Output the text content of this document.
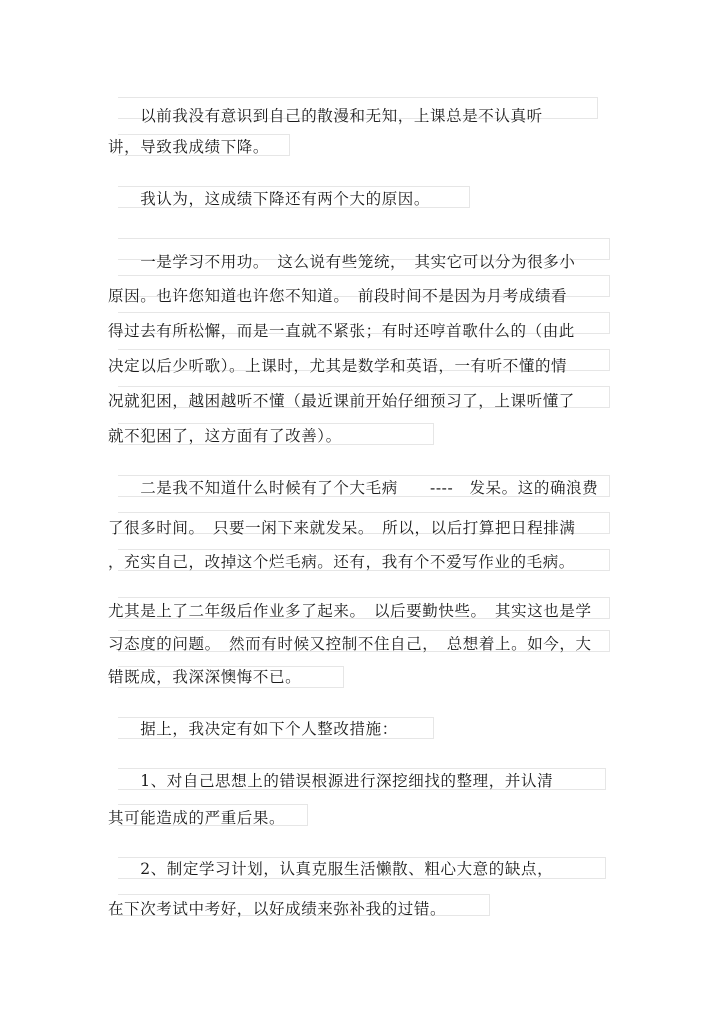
　　以前我没有意识到自己的散漫和无知，上课总是不认真听
讲，导致我成绩下降。
　　我认为，这成绩下降还有两个大的原因。
　　一是学习不用功。　这么说有些笼统，　其实它可以分为很多小
原因。也许您知道也许您不知道。　前段时间不是因为月考成绩看
得过去有所松懈，而是一直就不紧张；有时还哼首歌什么的（由此
决定以后少听歌）。上课时，尤其是数学和英语，一有听不懂的情
况就犯困，越困越听不懂（最近课前开始仔细预习了，上课听懂了
就不犯困了，这方面有了改善）。
　　二是我不知道什么时候有了个大毛病　　----　发呆。这的确浪费
了很多时间。　只要一闲下来就发呆。　所以，以后打算把日程排满
，充实自己，改掉这个烂毛病。还有，我有个不爱写作业的毛病。
尤其是上了二年级后作业多了起来。　以后要勤快些。　其实这也是学
习态度的问题。　然而有时候又控制不住自己，　总想着上。如今，大
错既成，我深深懊悔不已。
　　据上，我决定有如下个人整改措施：
　　1、对自己思想上的错误根源进行深挖细找的整理，并认清
其可能造成的严重后果。
　　2、制定学习计划，认真克服生活懒散、粗心大意的缺点，
在下次考试中考好，以好成绩来弥补我的过错。
